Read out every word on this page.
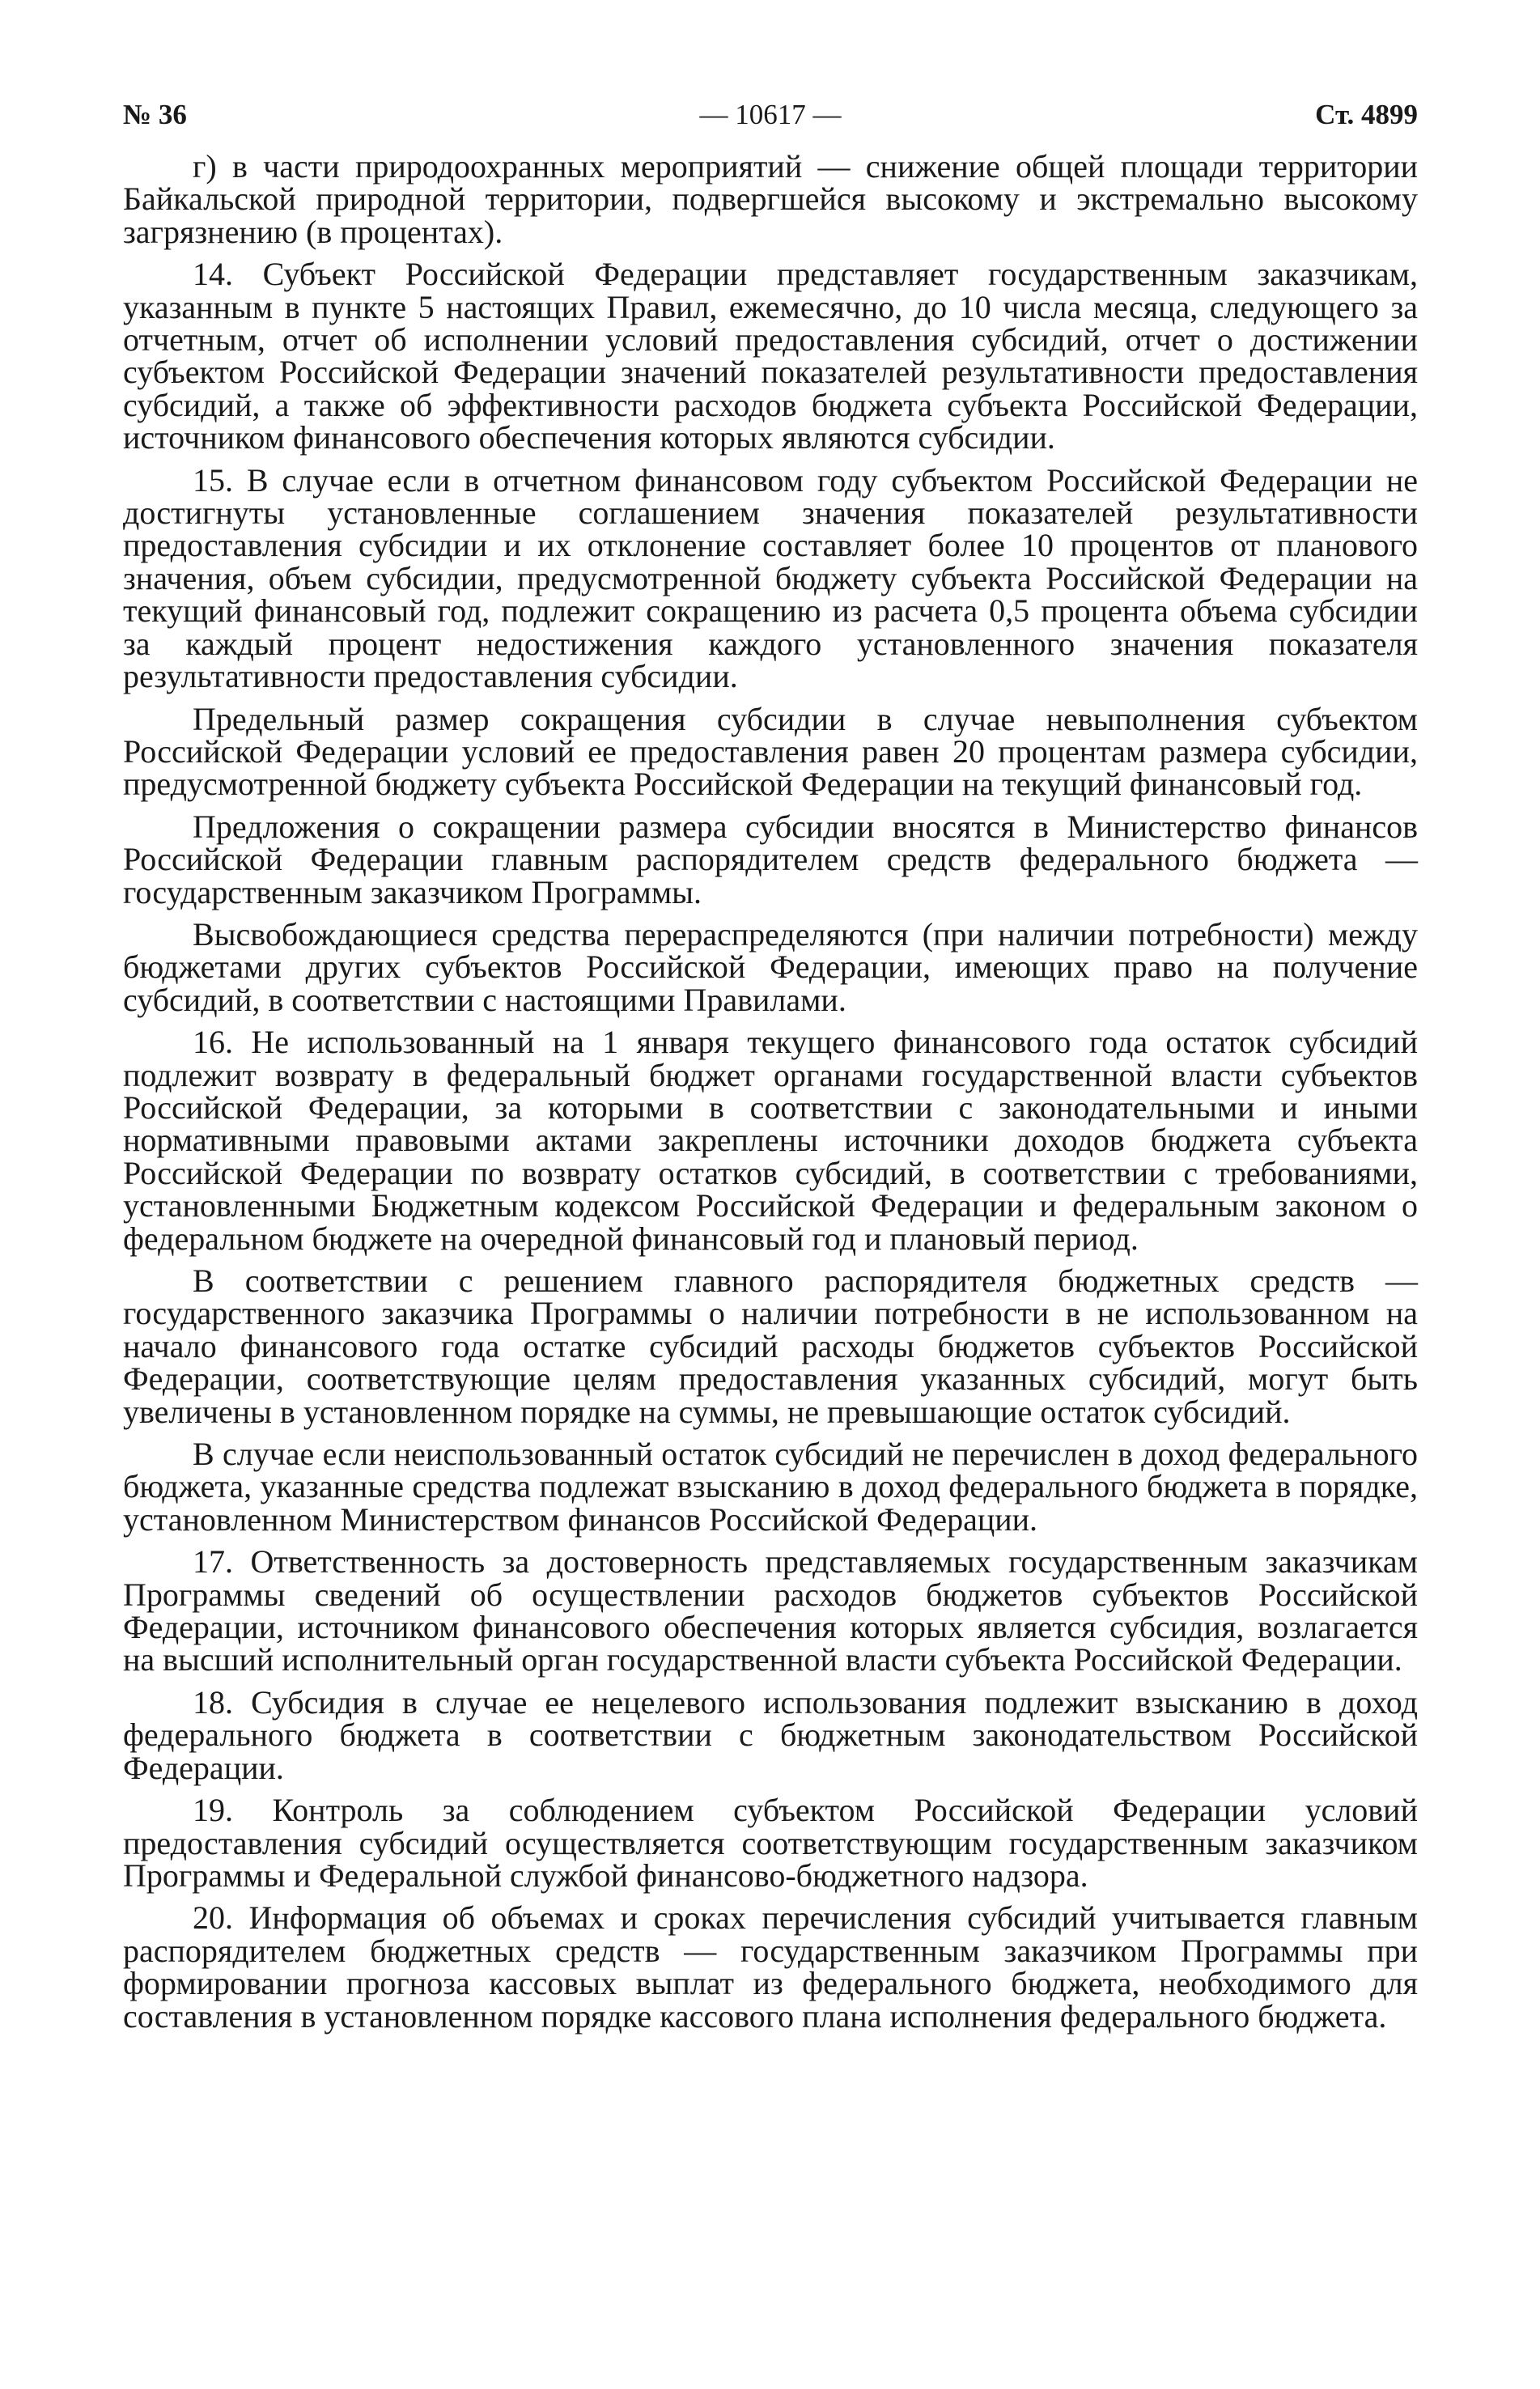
№ 36	— 10617 —	Ст. 4899

г) в части природоохранных мероприятий — снижение общей площади территории Байкальской природной территории, подвергшейся высокому и экстремально высокому загрязнению (в процентах).

14. Субъект Российской Федерации представляет государственным заказчикам, указанным в пункте 5 настоящих Правил, ежемесячно, до 10 числа месяца, следующего за отчетным, отчет об исполнении условий предоставления субсидий, отчет о достижении субъектом Российской Федерации значений показателей результативности предоставления субсидий, а также об эффективности расходов бюджета субъекта Российской Федерации, источником финансового обеспечения которых являются субсидии.

15. В случае если в отчетном финансовом году субъектом Российской Федерации не достигнуты установленные соглашением значения показателей результативности предоставления субсидии и их отклонение составляет более 10 процентов от планового значения, объем субсидии, предусмотренной бюджету субъекта Российской Федерации на текущий финансовый год, подлежит сокращению из расчета 0,5 процента объема субсидии за каждый процент недостижения каждого установленного значения показателя результативности предоставления субсидии.

Предельный размер сокращения субсидии в случае невыполнения субъектом Российской Федерации условий ее предоставления равен 20 процентам размера субсидии, предусмотренной бюджету субъекта Российской Федерации на текущий финансовый год.

Предложения о сокращении размера субсидии вносятся в Министерство финансов Российской Федерации главным распорядителем средств федерального бюджета — государственным заказчиком Программы.

Высвобождающиеся средства перераспределяются (при наличии потребности) между бюджетами других субъектов Российской Федерации, имеющих право на получение субсидий, в соответствии с настоящими Правилами.

16. Не использованный на 1 января текущего финансового года остаток субсидий подлежит возврату в федеральный бюджет органами государственной власти субъектов Российской Федерации, за которыми в соответствии с законодательными и иными нормативными правовыми актами закреплены источники доходов бюджета субъекта Российской Федерации по возврату остатков субсидий, в соответствии с требованиями, установленными Бюджетным кодексом Российской Федерации и федеральным законом о федеральном бюджете на очередной финансовый год и плановый период.

В соответствии с решением главного распорядителя бюджетных средств — государственного заказчика Программы о наличии потребности в не использованном на начало финансового года остатке субсидий расходы бюджетов субъектов Российской Федерации, соответствующие целям предоставления указанных субсидий, могут быть увеличены в установленном порядке на суммы, не превышающие остаток субсидий.

В случае если неиспользованный остаток субсидий не перечислен в доход федерального бюджета, указанные средства подлежат взысканию в доход федерального бюджета в порядке, установленном Министерством финансов Российской Федерации.

17. Ответственность за достоверность представляемых государственным заказчикам Программы сведений об осуществлении расходов бюджетов субъектов Российской Федерации, источником финансового обеспечения которых является субсидия, возлагается на высший исполнительный орган государственной власти субъекта Российской Федерации.

18. Субсидия в случае ее нецелевого использования подлежит взысканию в доход федерального бюджета в соответствии с бюджетным законодательством Российской Федерации.

19. Контроль за соблюдением субъектом Российской Федерации условий предоставления субсидий осуществляется соответствующим государственным заказчиком Программы и Федеральной службой финансово-бюджетного надзора.

20. Информация об объемах и сроках перечисления субсидий учитывается главным распорядителем бюджетных средств — государственным заказчиком Программы при формировании прогноза кассовых выплат из федерального бюджета, необходимого для составления в установленном порядке кассового плана исполнения федерального бюджета.
